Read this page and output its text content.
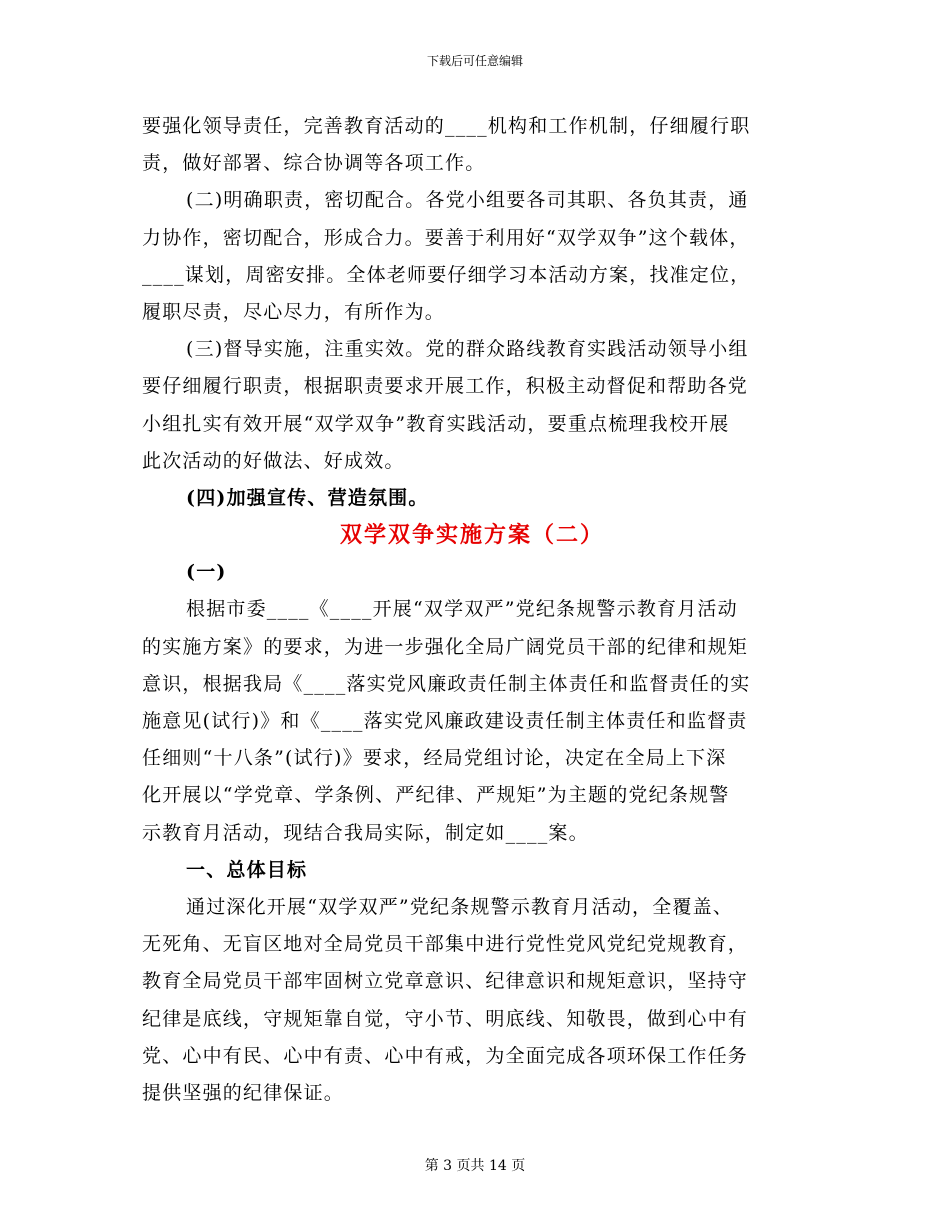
下载后可任意编辑
要强化领导责任，完善教育活动的____机构和工作机制，仔细履行职
责，做好部署、综合协调等各项工作。
(二)明确职责，密切配合。各党小组要各司其职、各负其责，通
力协作，密切配合，形成合力。要善于利用好“双学双争”这个载体，
____谋划，周密安排。全体老师要仔细学习本活动方案，找准定位，
履职尽责，尽心尽力，有所作为。
(三)督导实施，注重实效。党的群众路线教育实践活动领导小组
要仔细履行职责，根据职责要求开展工作，积极主动督促和帮助各党
小组扎实有效开展“双学双争”教育实践活动，要重点梳理我校开展
此次活动的好做法、好成效。
(四)加强宣传、营造氛围。
双学双争实施方案（二）
(一)
根据市委____《____开展“双学双严”党纪条规警示教育月活动
的实施方案》的要求，为进一步强化全局广阔党员干部的纪律和规矩
意识，根据我局《____落实党风廉政责任制主体责任和监督责任的实
施意见(试行)》和《____落实党风廉政建设责任制主体责任和监督责
任细则“十八条”(试行)》要求，经局党组讨论，决定在全局上下深
化开展以“学党章、学条例、严纪律、严规矩”为主题的党纪条规警
示教育月活动，现结合我局实际，制定如____案。
一、总体目标
通过深化开展“双学双严”党纪条规警示教育月活动，全覆盖、
无死角、无盲区地对全局党员干部集中进行党性党风党纪党规教育，
教育全局党员干部牢固树立党章意识、纪律意识和规矩意识，坚持守
纪律是底线，守规矩靠自觉，守小节、明底线、知敬畏，做到心中有
党、心中有民、心中有责、心中有戒，为全面完成各项环保工作任务
提供坚强的纪律保证。
第 3 页共 14 页
